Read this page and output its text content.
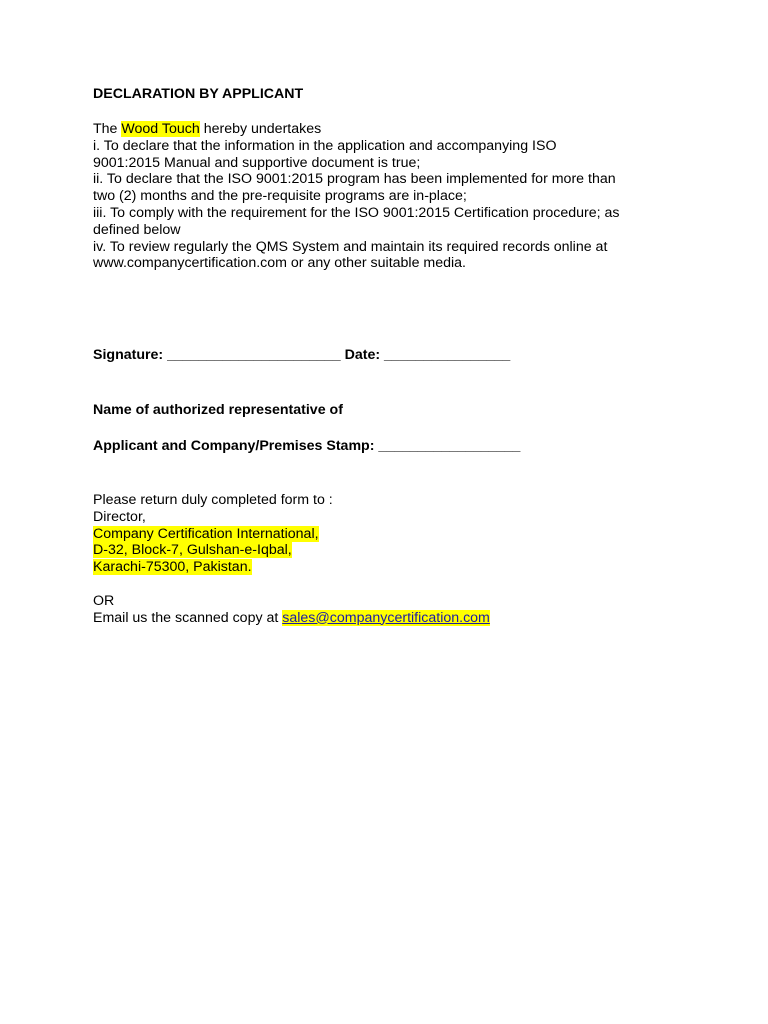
DECLARATION BY APPLICANT

The Wood Touch hereby undertakes
i. To declare that the information in the application and accompanying ISO
9001:2015 Manual and supportive document is true;
ii. To declare that the ISO 9001:2015 program has been implemented for more than
two (2) months and the pre-requisite programs are in-place;
iii. To comply with the requirement for the ISO 9001:2015 Certification procedure; as
defined below
iv. To review regularly the QMS System and maintain its required records online at
www.companycertification.com or any other suitable media.

Signature: ______________________ Date: ________________

Name of authorized representative of

Applicant and Company/Premises Stamp: __________________

Please return duly completed form to :
Director,
Company Certification International,
D-32, Block-7, Gulshan-e-Iqbal,
Karachi-75300, Pakistan.

OR
Email us the scanned copy at sales@companycertification.com
